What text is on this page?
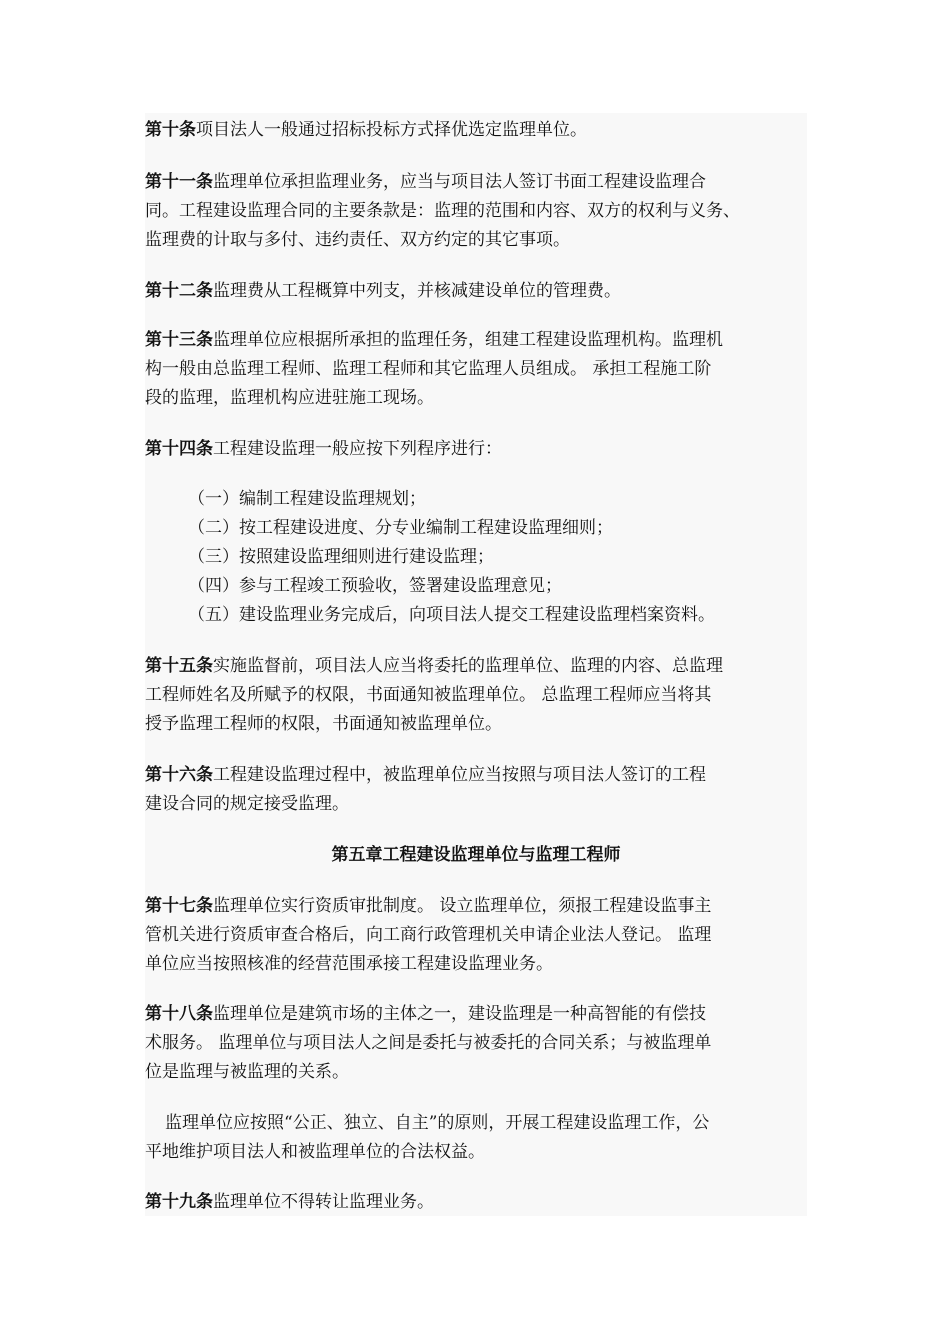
第十条项目法人一般通过招标投标方式择优选定监理单位。
第十一条监理单位承担监理业务，应当与项目法人签订书面工程建设监理合
同。工程建设监理合同的主要条款是：监理的范围和内容、双方的权利与义务、
监理费的计取与多付、违约责任、双方约定的其它事项。
第十二条监理费从工程概算中列支，并核减建设单位的管理费。
第十三条监理单位应根据所承担的监理任务，组建工程建设监理机构。监理机
构一般由总监理工程师、监理工程师和其它监理人员组成。 承担工程施工阶
段的监理，监理机构应进驻施工现场。
第十四条工程建设监理一般应按下列程序进行：
（一）编制工程建设监理规划；
（二）按工程建设进度、分专业编制工程建设监理细则；
（三）按照建设监理细则进行建设监理；
（四）参与工程竣工预验收，签署建设监理意见；
（五）建设监理业务完成后，向项目法人提交工程建设监理档案资料。
第十五条实施监督前，项目法人应当将委托的监理单位、监理的内容、总监理
工程师姓名及所赋予的权限，书面通知被监理单位。 总监理工程师应当将其
授予监理工程师的权限，书面通知被监理单位。
第十六条工程建设监理过程中，被监理单位应当按照与项目法人签订的工程
建设合同的规定接受监理。
第五章工程建设监理单位与监理工程师
第十七条监理单位实行资质审批制度。 设立监理单位，须报工程建设监事主
管机关进行资质审查合格后，向工商行政管理机关申请企业法人登记。 监理
单位应当按照核准的经营范围承接工程建设监理业务。
第十八条监理单位是建筑市场的主体之一，建设监理是一种高智能的有偿技
术服务。 监理单位与项目法人之间是委托与被委托的合同关系；与被监理单
位是监理与被监理的关系。
监理单位应按照“公正、独立、自主”的原则，开展工程建设监理工作，公
平地维护项目法人和被监理单位的合法权益。
第十九条监理单位不得转让监理业务。
